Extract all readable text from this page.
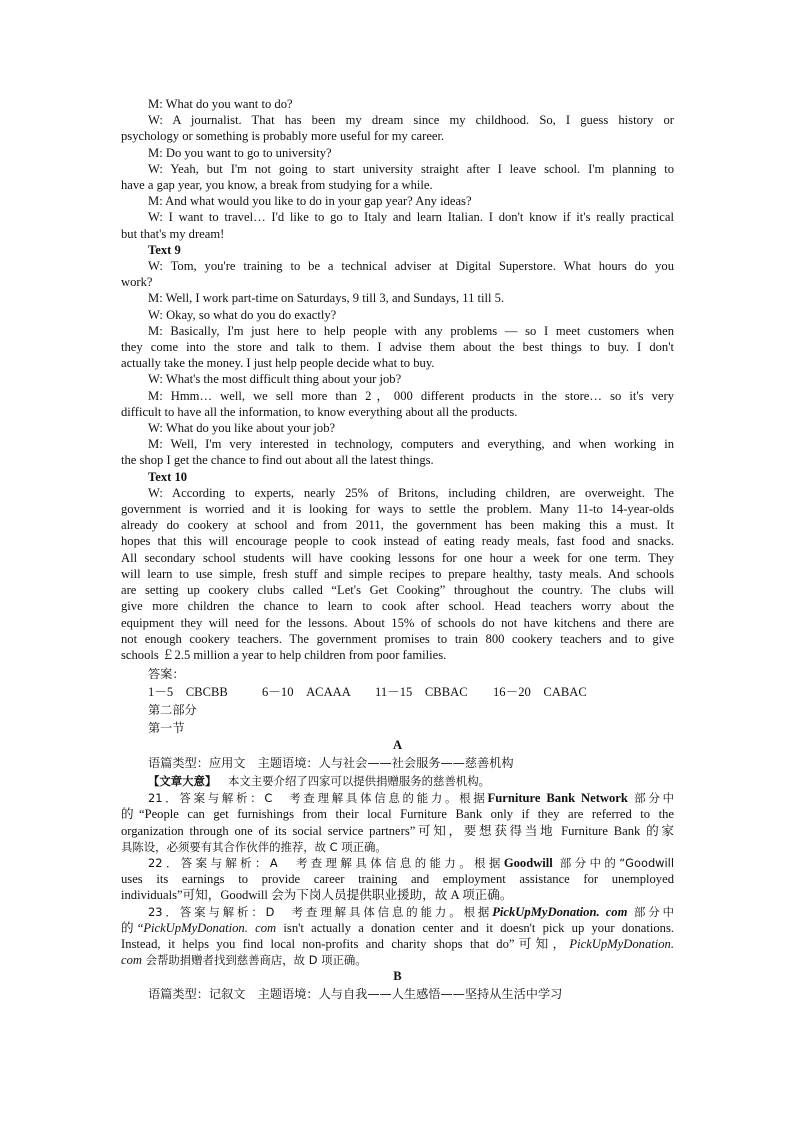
M: What do you want to do?
W: A journalist. That has been my dream since my childhood. So, I guess history or
psychology or something is probably more useful for my career.
M: Do you want to go to university?
W: Yeah, but I'm not going to start university straight after I leave school. I'm planning to
have a gap year, you know, a break from studying for a while.
M: And what would you like to do in your gap year? Any ideas?
W: I want to travel… I'd like to go to Italy and learn Italian. I don't know if it's really practical
but that's my dream!
Text 9
W: Tom, you're training to be a technical adviser at Digital Superstore. What hours do you
work?
M: Well, I work part-time on Saturdays, 9 till 3, and Sundays, 11 till 5.
W: Okay, so what do you do exactly?
M: Basically, I'm just here to help people with any problems — so I meet customers when
they come into the store and talk to them. I advise them about the best things to buy. I don't
actually take the money. I just help people decide what to buy.
W: What's the most difficult thing about your job?
M: Hmm… well, we sell more than 2，000 different products in the store… so it's very
difficult to have all the information, to know everything about all the products.
W: What do you like about your job?
M: Well, I'm very interested in technology, computers and everything, and when working in
the shop I get the chance to find out about all the latest things.
Text 10
W: According to experts, nearly 25% of Britons, including children, are overweight. The
government is worried and it is looking for ways to settle the problem. Many 11-to 14-year-olds
already do cookery at school and from 2011, the government has been making this a must. It
hopes that this will encourage people to cook instead of eating ready meals, fast food and snacks.
All secondary school students will have cooking lessons for one hour a week for one term. They
will learn to use simple, fresh stuff and simple recipes to prepare healthy, tasty meals. And schools
are setting up cookery clubs called “Let's Get Cooking” throughout the country. The clubs will
give more children the chance to learn to cook after school. Head teachers worry about the
equipment they will need for the lessons. About 15% of schools do not have kitchens and there are
not enough cookery teachers. The government promises to train 800 cookery teachers and to give
schools ￡2.5 million a year to help children from poor families.
答案：
1－5　CBCBB	6－10　ACAAA 11－15　CBBAC 16－20　CABAC
第二部分
第一节
A
语篇类型：应用文　主题语境：人与社会——社会服务——慈善机构
【文章大意】 本文主要介绍了四家可以提供捐赠服务的慈善机构。
21．答案与解析：C　考查理解具体信息的能力。根据Furniture Bank Network 部分中
的“People can get furnishings from their local Furniture Bank only if they are referred to the
organization through one of its social service partners”可知，要想获得当地 Furniture Bank 的家
具陈设，必须要有其合作伙伴的推荐，故 C 项正确。
22．答案与解析：A　考查理解具体信息的能力。根据Goodwill 部分中的“Goodwill
uses its earnings to provide career training and employment assistance for unemployed
individuals”可知，Goodwill 会为下岗人员提供职业援助，故 A 项正确。
23．答案与解析：D　考查理解具体信息的能力。根据PickUpMyDonation. com 部分中
的“PickUpMyDonation. com isn't actually a donation center and it doesn't pick up your donations.
Instead, it helps you find local non-profits and charity shops that do”可知，PickUpMyDonation.
com 会帮助捐赠者找到慈善商店，故 D 项正确。
B
语篇类型：记叙文　主题语境：人与自我——人生感悟——坚持从生活中学习
